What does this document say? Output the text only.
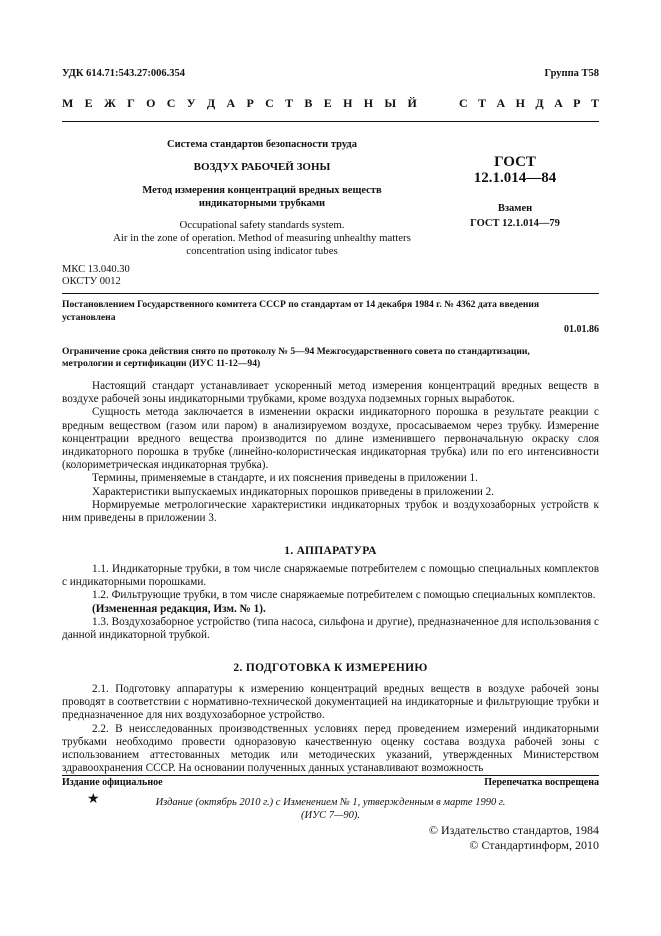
УДК 614.71:543.27:006.354	Группа Т58
М Е Ж Г О С У Д А Р С Т В Е Н Н Ы Й	С Т А Н Д А Р Т
Система стандартов безопасности труда
ВОЗДУХ РАБОЧЕЙ ЗОНЫ
Метод измерения концентраций вредных веществ
индикаторными трубками
Occupational safety standards system.
Air in the zone of operation. Method of measuring unhealthy matters
concentration using indicator tubes
МКС 13.040.30
ОКСТУ 0012
ГОСТ
12.1.014—84
Взамен
ГОСТ 12.1.014—79
Постановлением Государственного комитета СССР по стандартам от 14 декабря 1984 г. № 4362 дата введения
установлена
01.01.86
Ограничение срока действия снято по протоколу № 5—94 Межгосударственного совета по стандартизации,
метрологии и сертификации (ИУС 11-12—94)
Настоящий стандарт устанавливает ускоренный метод измерения концентраций вредных веществ в воздухе рабочей зоны индикаторными трубками, кроме воздуха подземных горных выработок.
Сущность метода заключается в изменении окраски индикаторного порошка в результате реакции с вредным веществом (газом или паром) в анализируемом воздухе, просасываемом через трубку. Измерение концентрации вредного вещества производится по длине изменившего первоначальную окраску слоя индикаторного порошка в трубке (линейно-колористическая индикаторная трубка) или по его интенсивности (колориметрическая индикаторная трубка).
Термины, применяемые в стандарте, и их пояснения приведены в приложении 1.
Характеристики выпускаемых индикаторных порошков приведены в приложении 2.
Нормируемые метрологические характеристики индикаторных трубок и воздухозаборных устройств к ним приведены в приложении 3.
1. АППАРАТУРА
1.1. Индикаторные трубки, в том числе снаряжаемые потребителем с помощью специальных комплектов с индикаторными порошками.
1.2. Фильтрующие трубки, в том числе снаряжаемые потребителем с помощью специальных комплектов.
(Измененная редакция, Изм. № 1).
1.3. Воздухозаборное устройство (типа насоса, сильфона и другие), предназначенное для использования с данной индикаторной трубкой.
2. ПОДГОТОВКА К ИЗМЕРЕНИЮ
2.1. Подготовку аппаратуры к измерению концентраций вредных веществ в воздухе рабочей зоны проводят в соответствии с нормативно-технической документацией на индикаторные и фильтрующие трубки и предназначенное для них воздухозаборное устройство.
2.2. В неисследованных производственных условиях перед проведением измерений индикаторными трубками необходимо провести одноразовую качественную оценку состава воздуха рабочей зоны с использованием аттестованных методик или методических указаний, утвержденных Министерством здравоохранения СССР. На основании полученных данных устанавливают возможность
Издание официальное	Перепечатка воспрещена
★	Издание (октябрь 2010 г.) с Изменением № 1, утвержденным в марте 1990 г.
(ИУС 7—90).
© Издательство стандартов, 1984
© Стандартинформ, 2010
